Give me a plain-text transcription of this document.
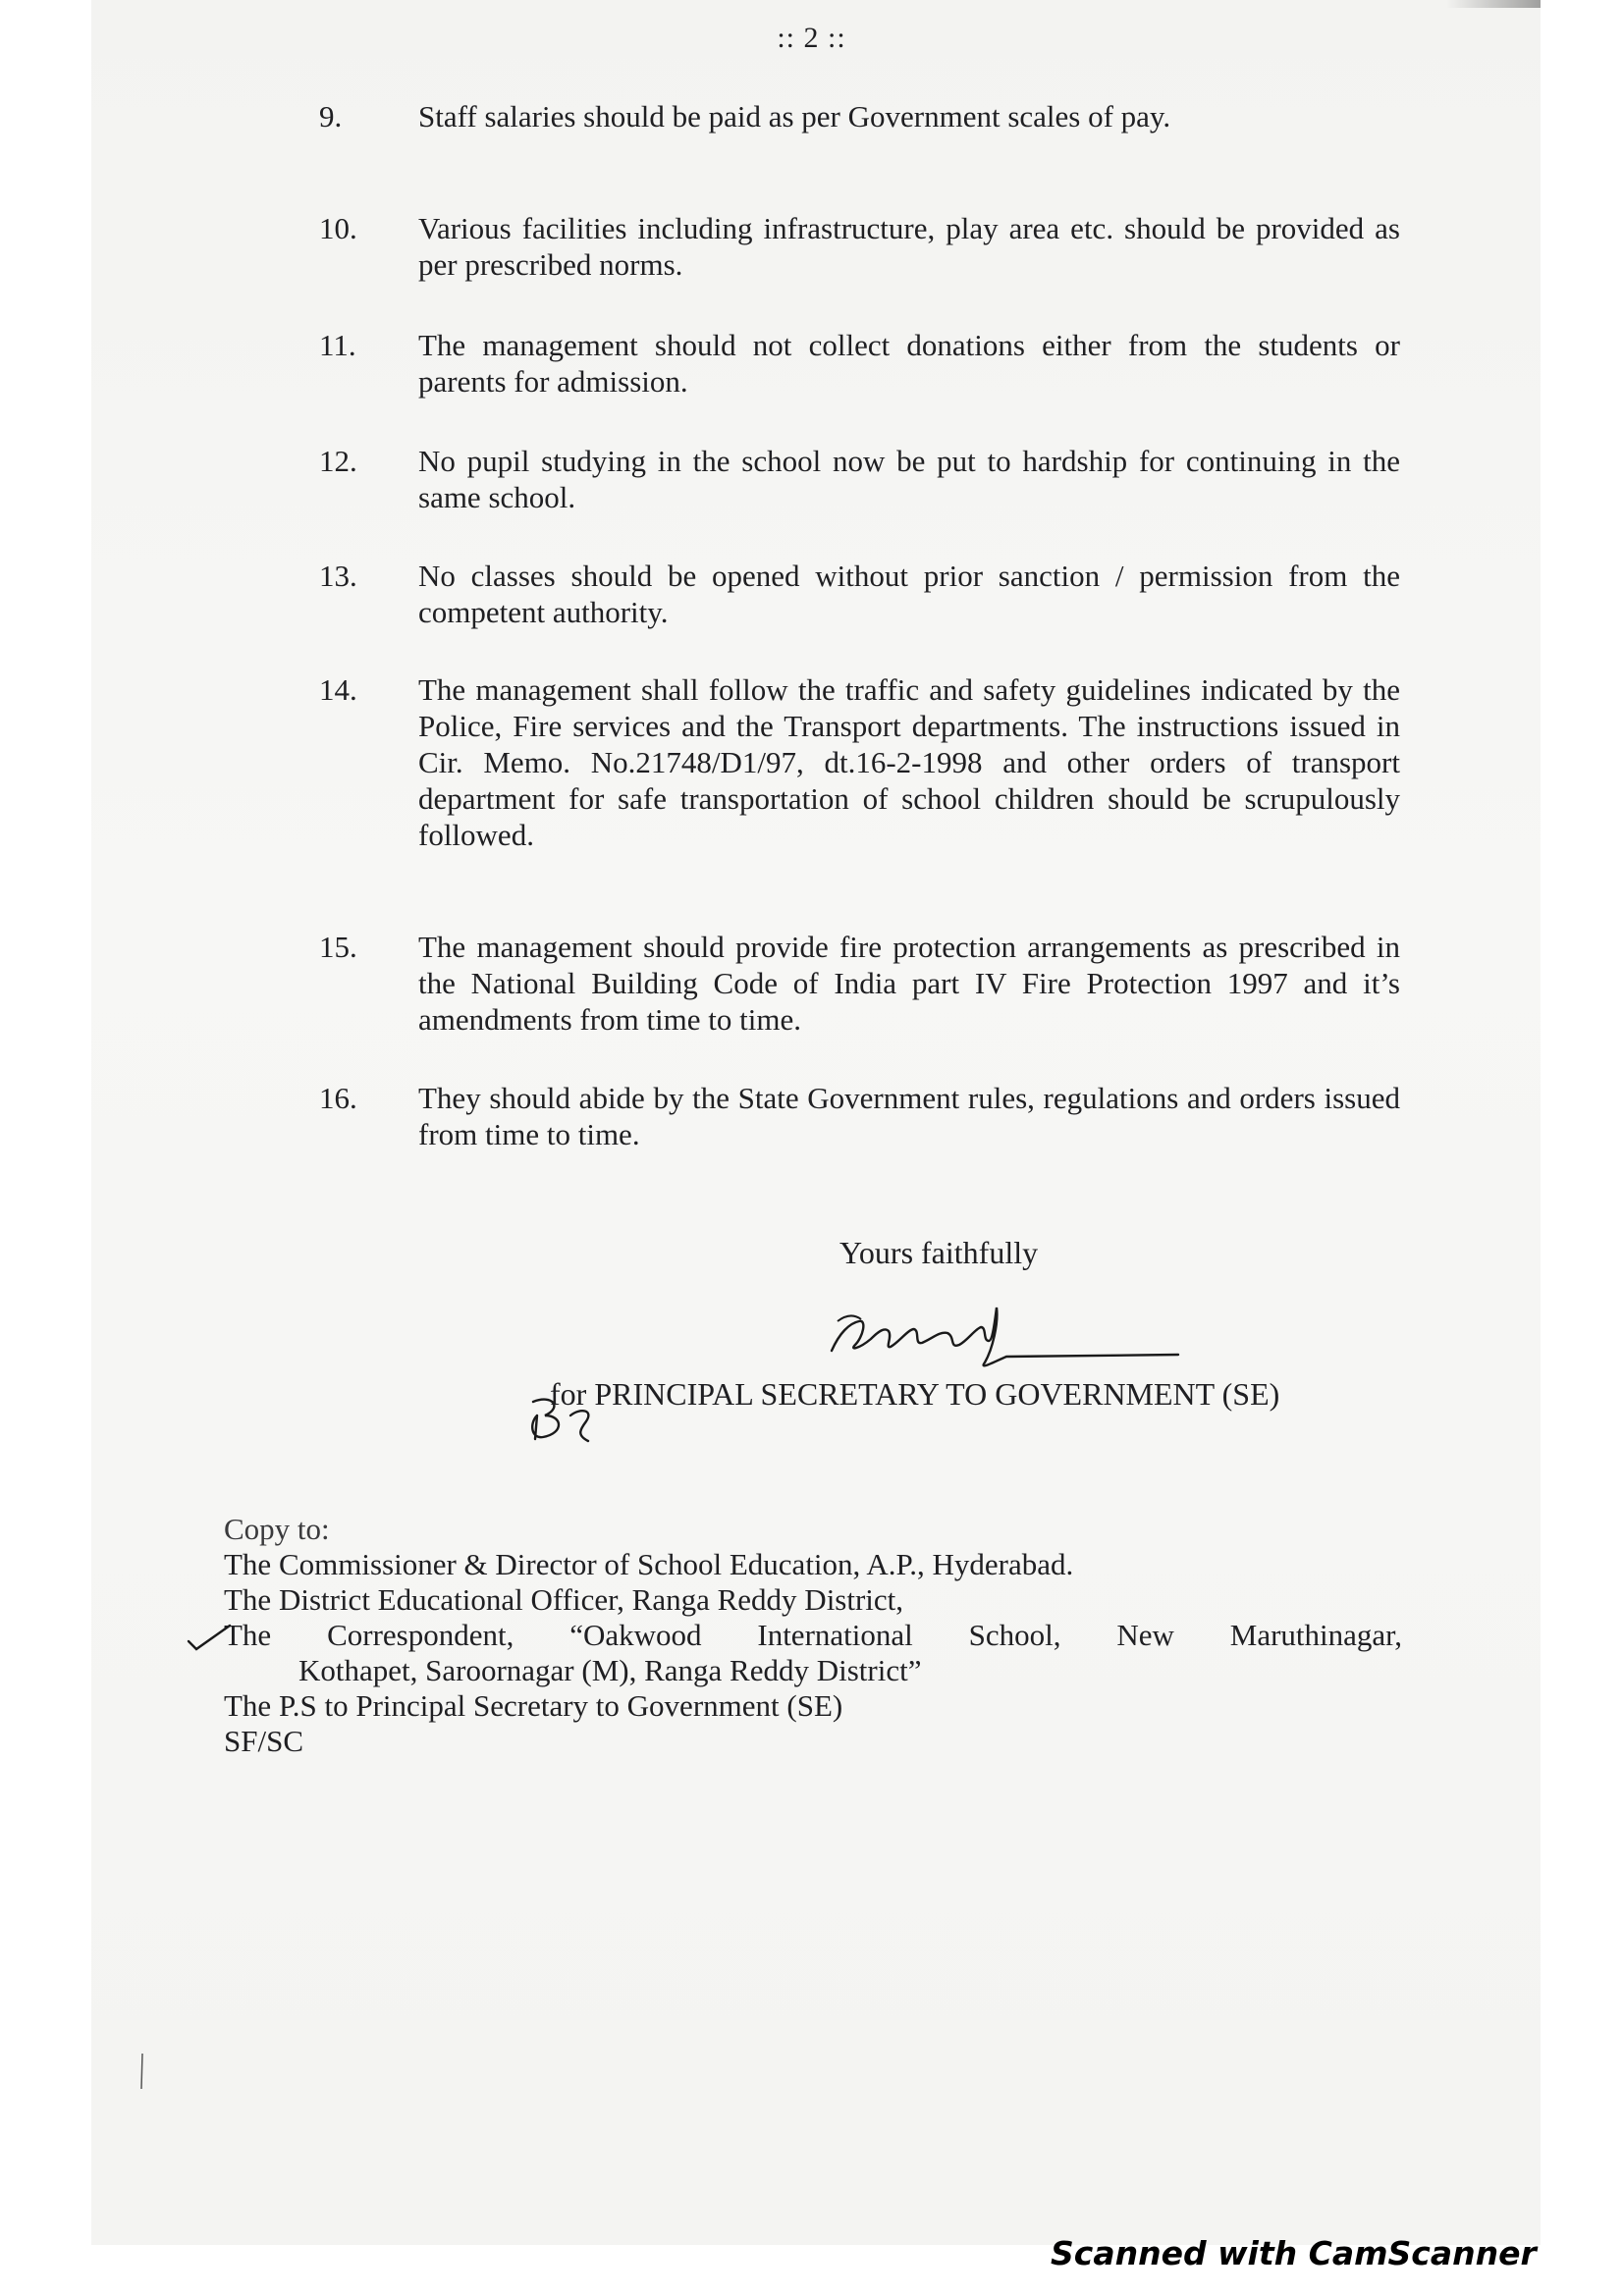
:: 2 ::
9.	Staff salaries should be paid as per Government scales of pay.
10. Various facilities including infrastructure, play area etc. should be provided as per prescribed norms.
11. The management should not collect donations either from the students or parents for admission.
12. No pupil studying in the school now be put to hardship for continuing in the same school.
13. No classes should be opened without prior sanction / permission from the competent authority.
14. The management shall follow the traffic and safety guidelines indicated by the Police, Fire services and the Transport departments. The instructions issued in Cir. Memo. No.21748/D1/97, dt.16-2-1998 and other orders of transport department for safe transportation of school children should be scrupulously followed.
15. The management should provide fire protection arrangements as prescribed in the National Building Code of India part IV Fire Protection 1997 and it’s amendments from time to time.
16. They should abide by the State Government rules, regulations and orders issued from time to time.
Yours faithfully
for PRINCIPAL SECRETARY TO GOVERNMENT (SE)
Copy to:
The Commissioner & Director of School Education, A.P., Hyderabad.
The District Educational Officer, Ranga Reddy District,
The Correspondent, “Oakwood International School, New Maruthinagar,
Kothapet, Saroornagar (M), Ranga Reddy District”
The P.S to Principal Secretary to Government (SE)
SF/SC
Scanned with CamScanner
